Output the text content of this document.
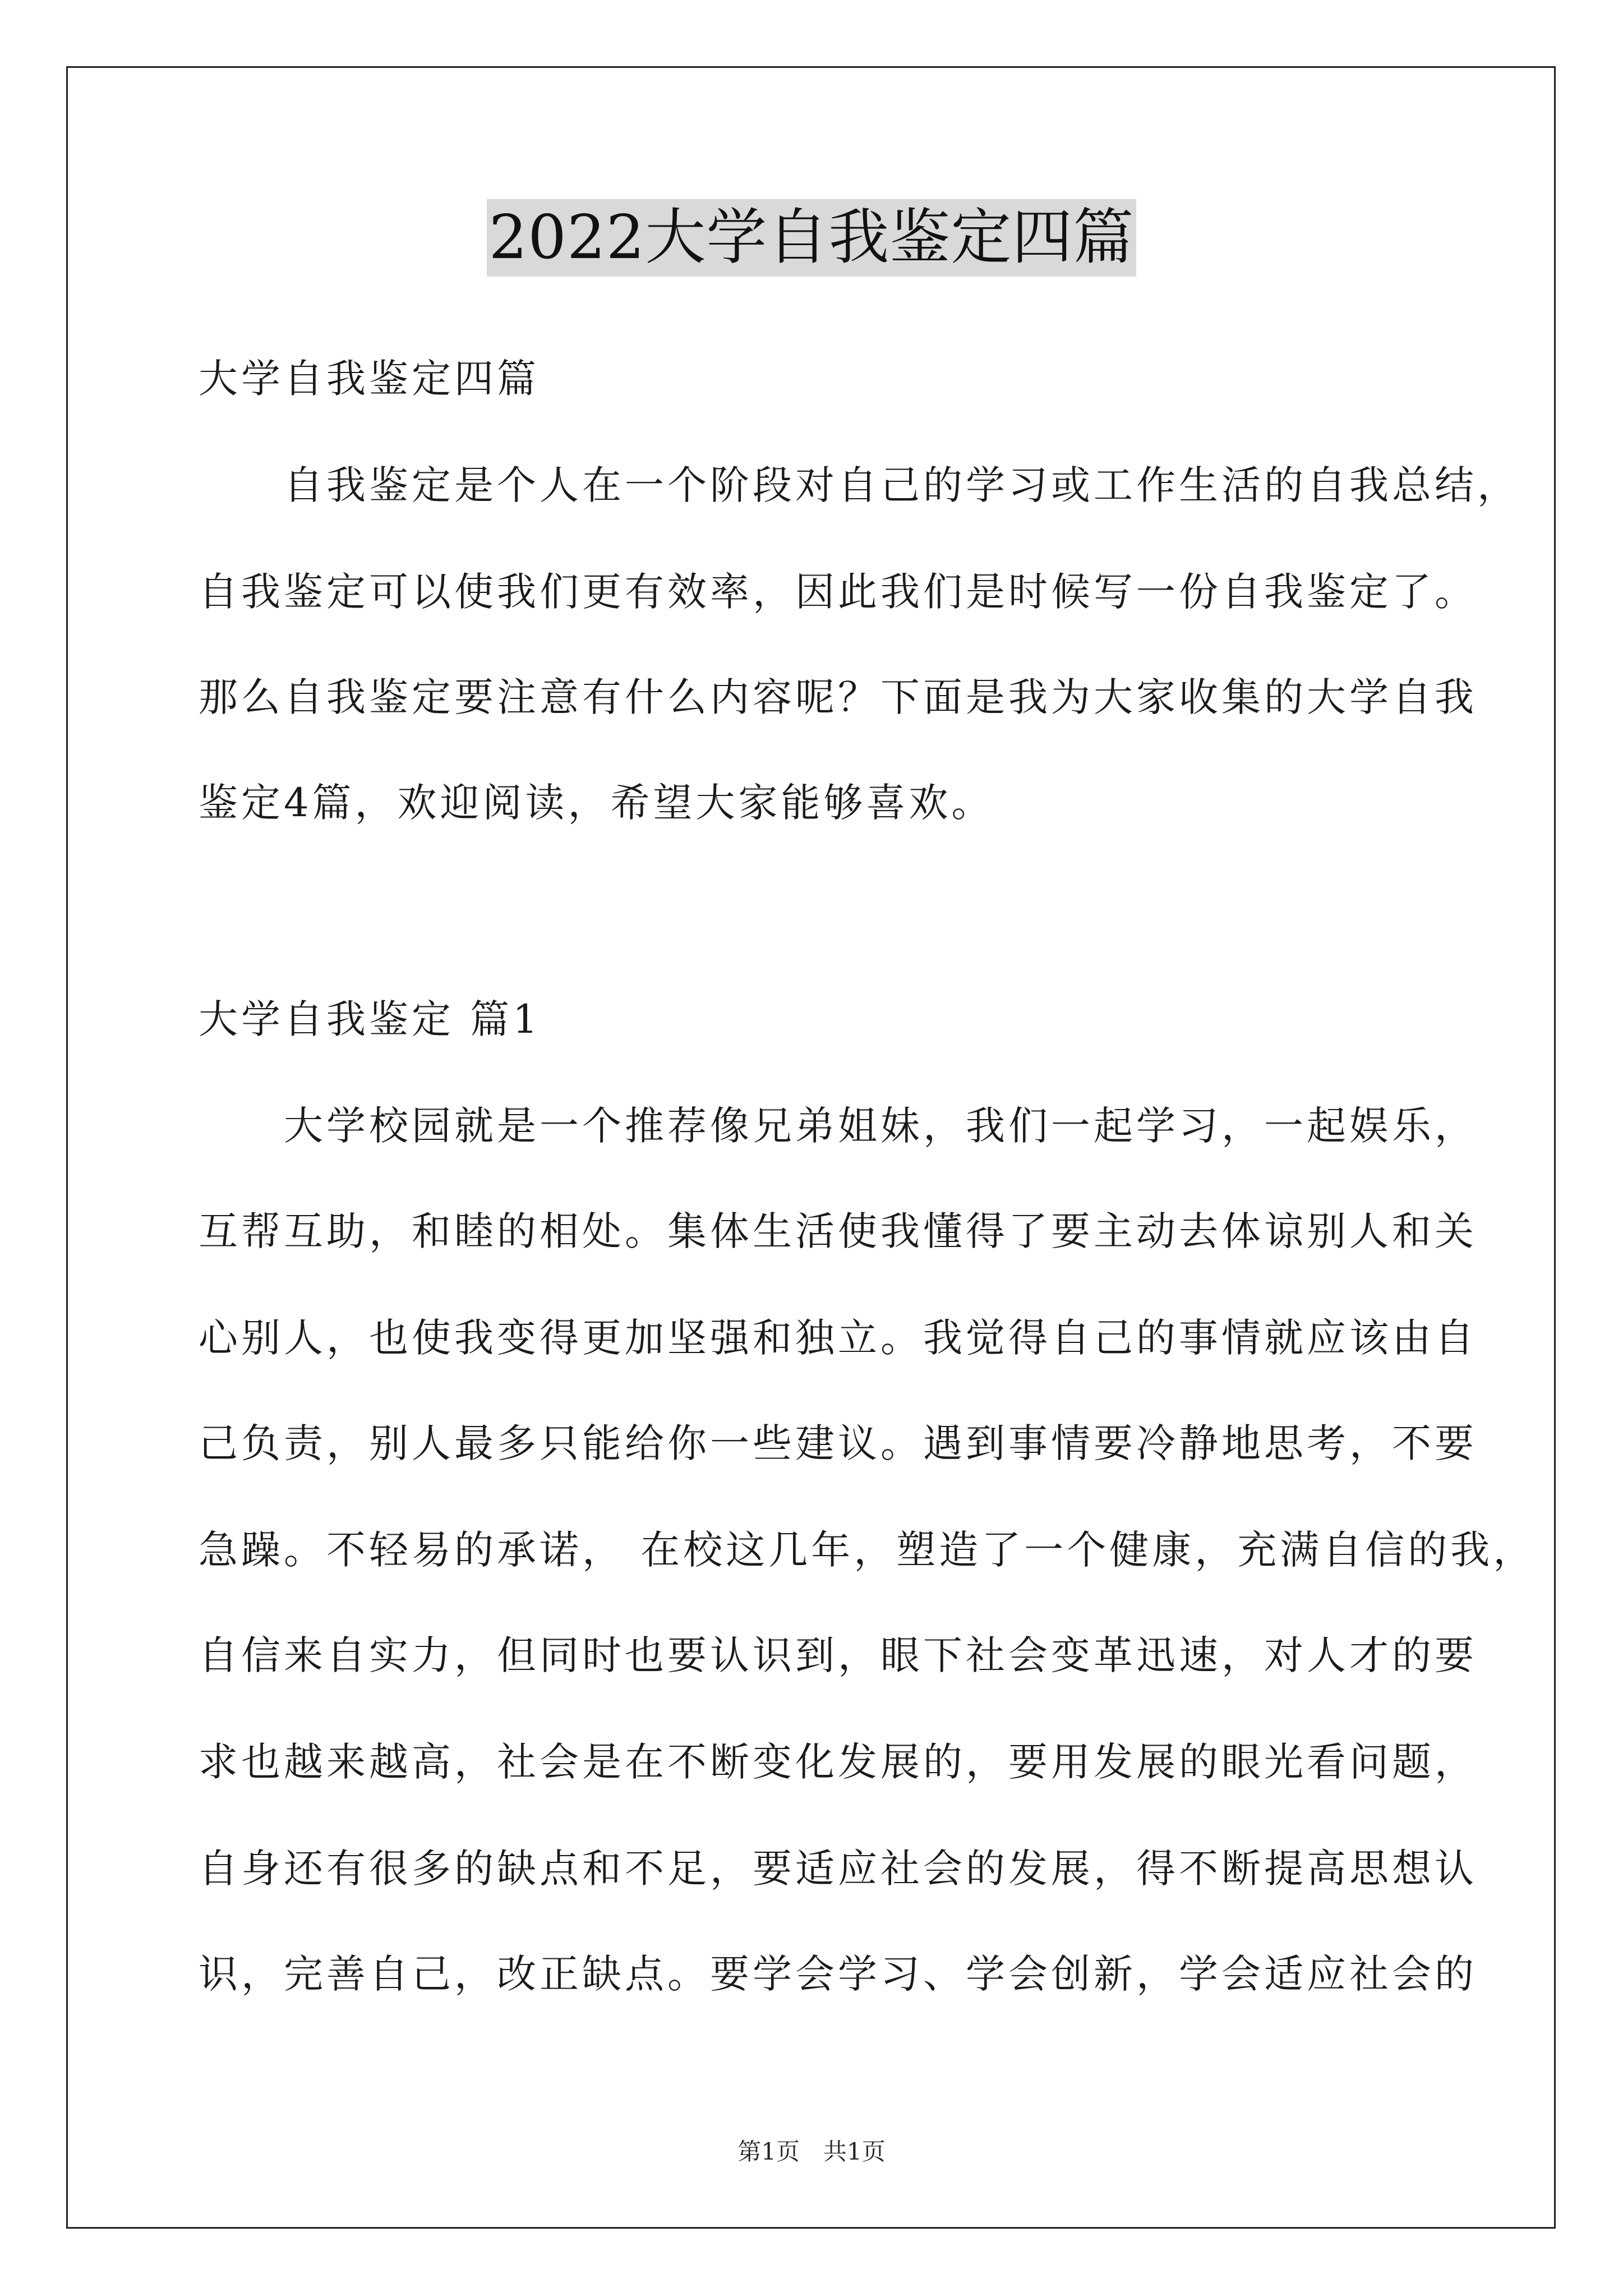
2022大学自我鉴定四篇
大学自我鉴定四篇
　　自我鉴定是个人在一个阶段对自己的学习或工作生活的自我总结，
自我鉴定可以使我们更有效率，因此我们是时候写一份自我鉴定了。
那么自我鉴定要注意有什么内容呢？下面是我为大家收集的大学自我
鉴定4篇，欢迎阅读，希望大家能够喜欢。
大学自我鉴定 篇1
　　大学校园就是一个推荐像兄弟姐妹，我们一起学习，一起娱乐，
互帮互助，和睦的相处。集体生活使我懂得了要主动去体谅别人和关
心别人，也使我变得更加坚强和独立。我觉得自己的事情就应该由自
己负责，别人最多只能给你一些建议。遇到事情要冷静地思考，不要
急躁。不轻易的承诺， 在校这几年，塑造了一个健康，充满自信的我，
自信来自实力，但同时也要认识到，眼下社会变革迅速，对人才的要
求也越来越高，社会是在不断变化发展的，要用发展的眼光看问题，
自身还有很多的缺点和不足，要适应社会的发展，得不断提高思想认
识，完善自己，改正缺点。要学会学习、学会创新，学会适应社会的
第1页　共1页
